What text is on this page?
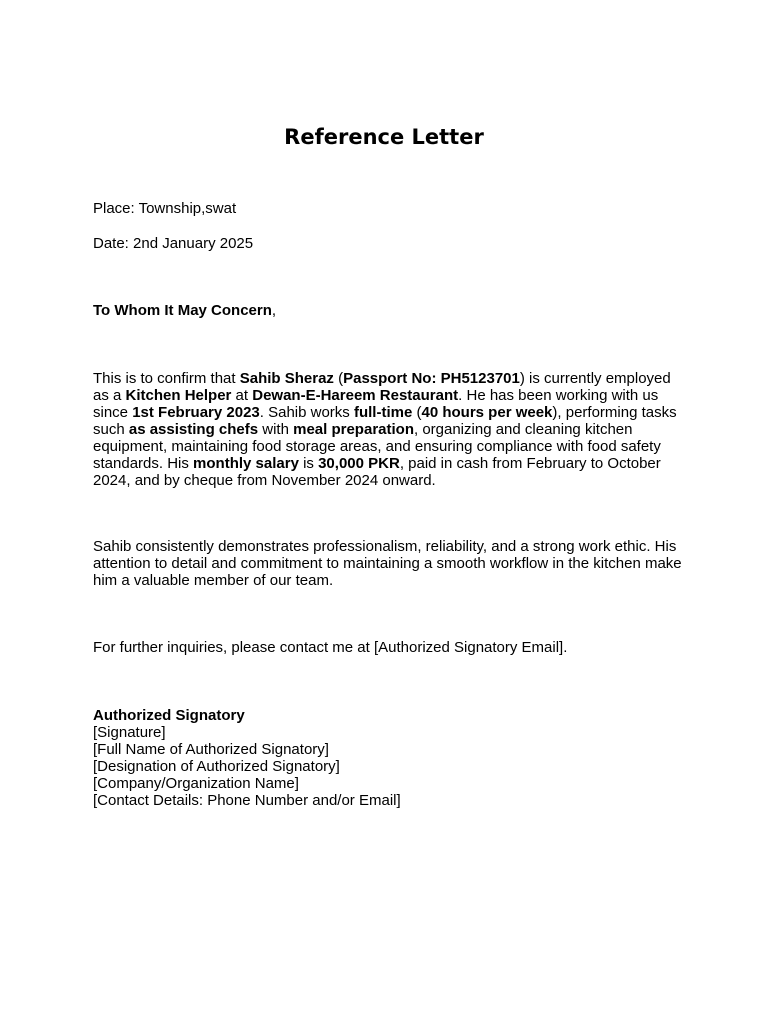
Reference Letter

Place: Township,swat

Date: 2nd January 2025

To Whom It May Concern,

This is to confirm that Sahib Sheraz (Passport No: PH5123701) is currently employed as a Kitchen Helper at Dewan-E-Hareem Restaurant. He has been working with us since 1st February 2023. Sahib works full-time (40 hours per week), performing tasks such as assisting chefs with meal preparation, organizing and cleaning kitchen equipment, maintaining food storage areas, and ensuring compliance with food safety standards. His monthly salary is 30,000 PKR, paid in cash from February to October 2024, and by cheque from November 2024 onward.

Sahib consistently demonstrates professionalism, reliability, and a strong work ethic. His attention to detail and commitment to maintaining a smooth workflow in the kitchen make him a valuable member of our team.

For further inquiries, please contact me at [Authorized Signatory Email].

Authorized Signatory
[Signature]
[Full Name of Authorized Signatory]
[Designation of Authorized Signatory]
[Company/Organization Name]
[Contact Details: Phone Number and/or Email]
